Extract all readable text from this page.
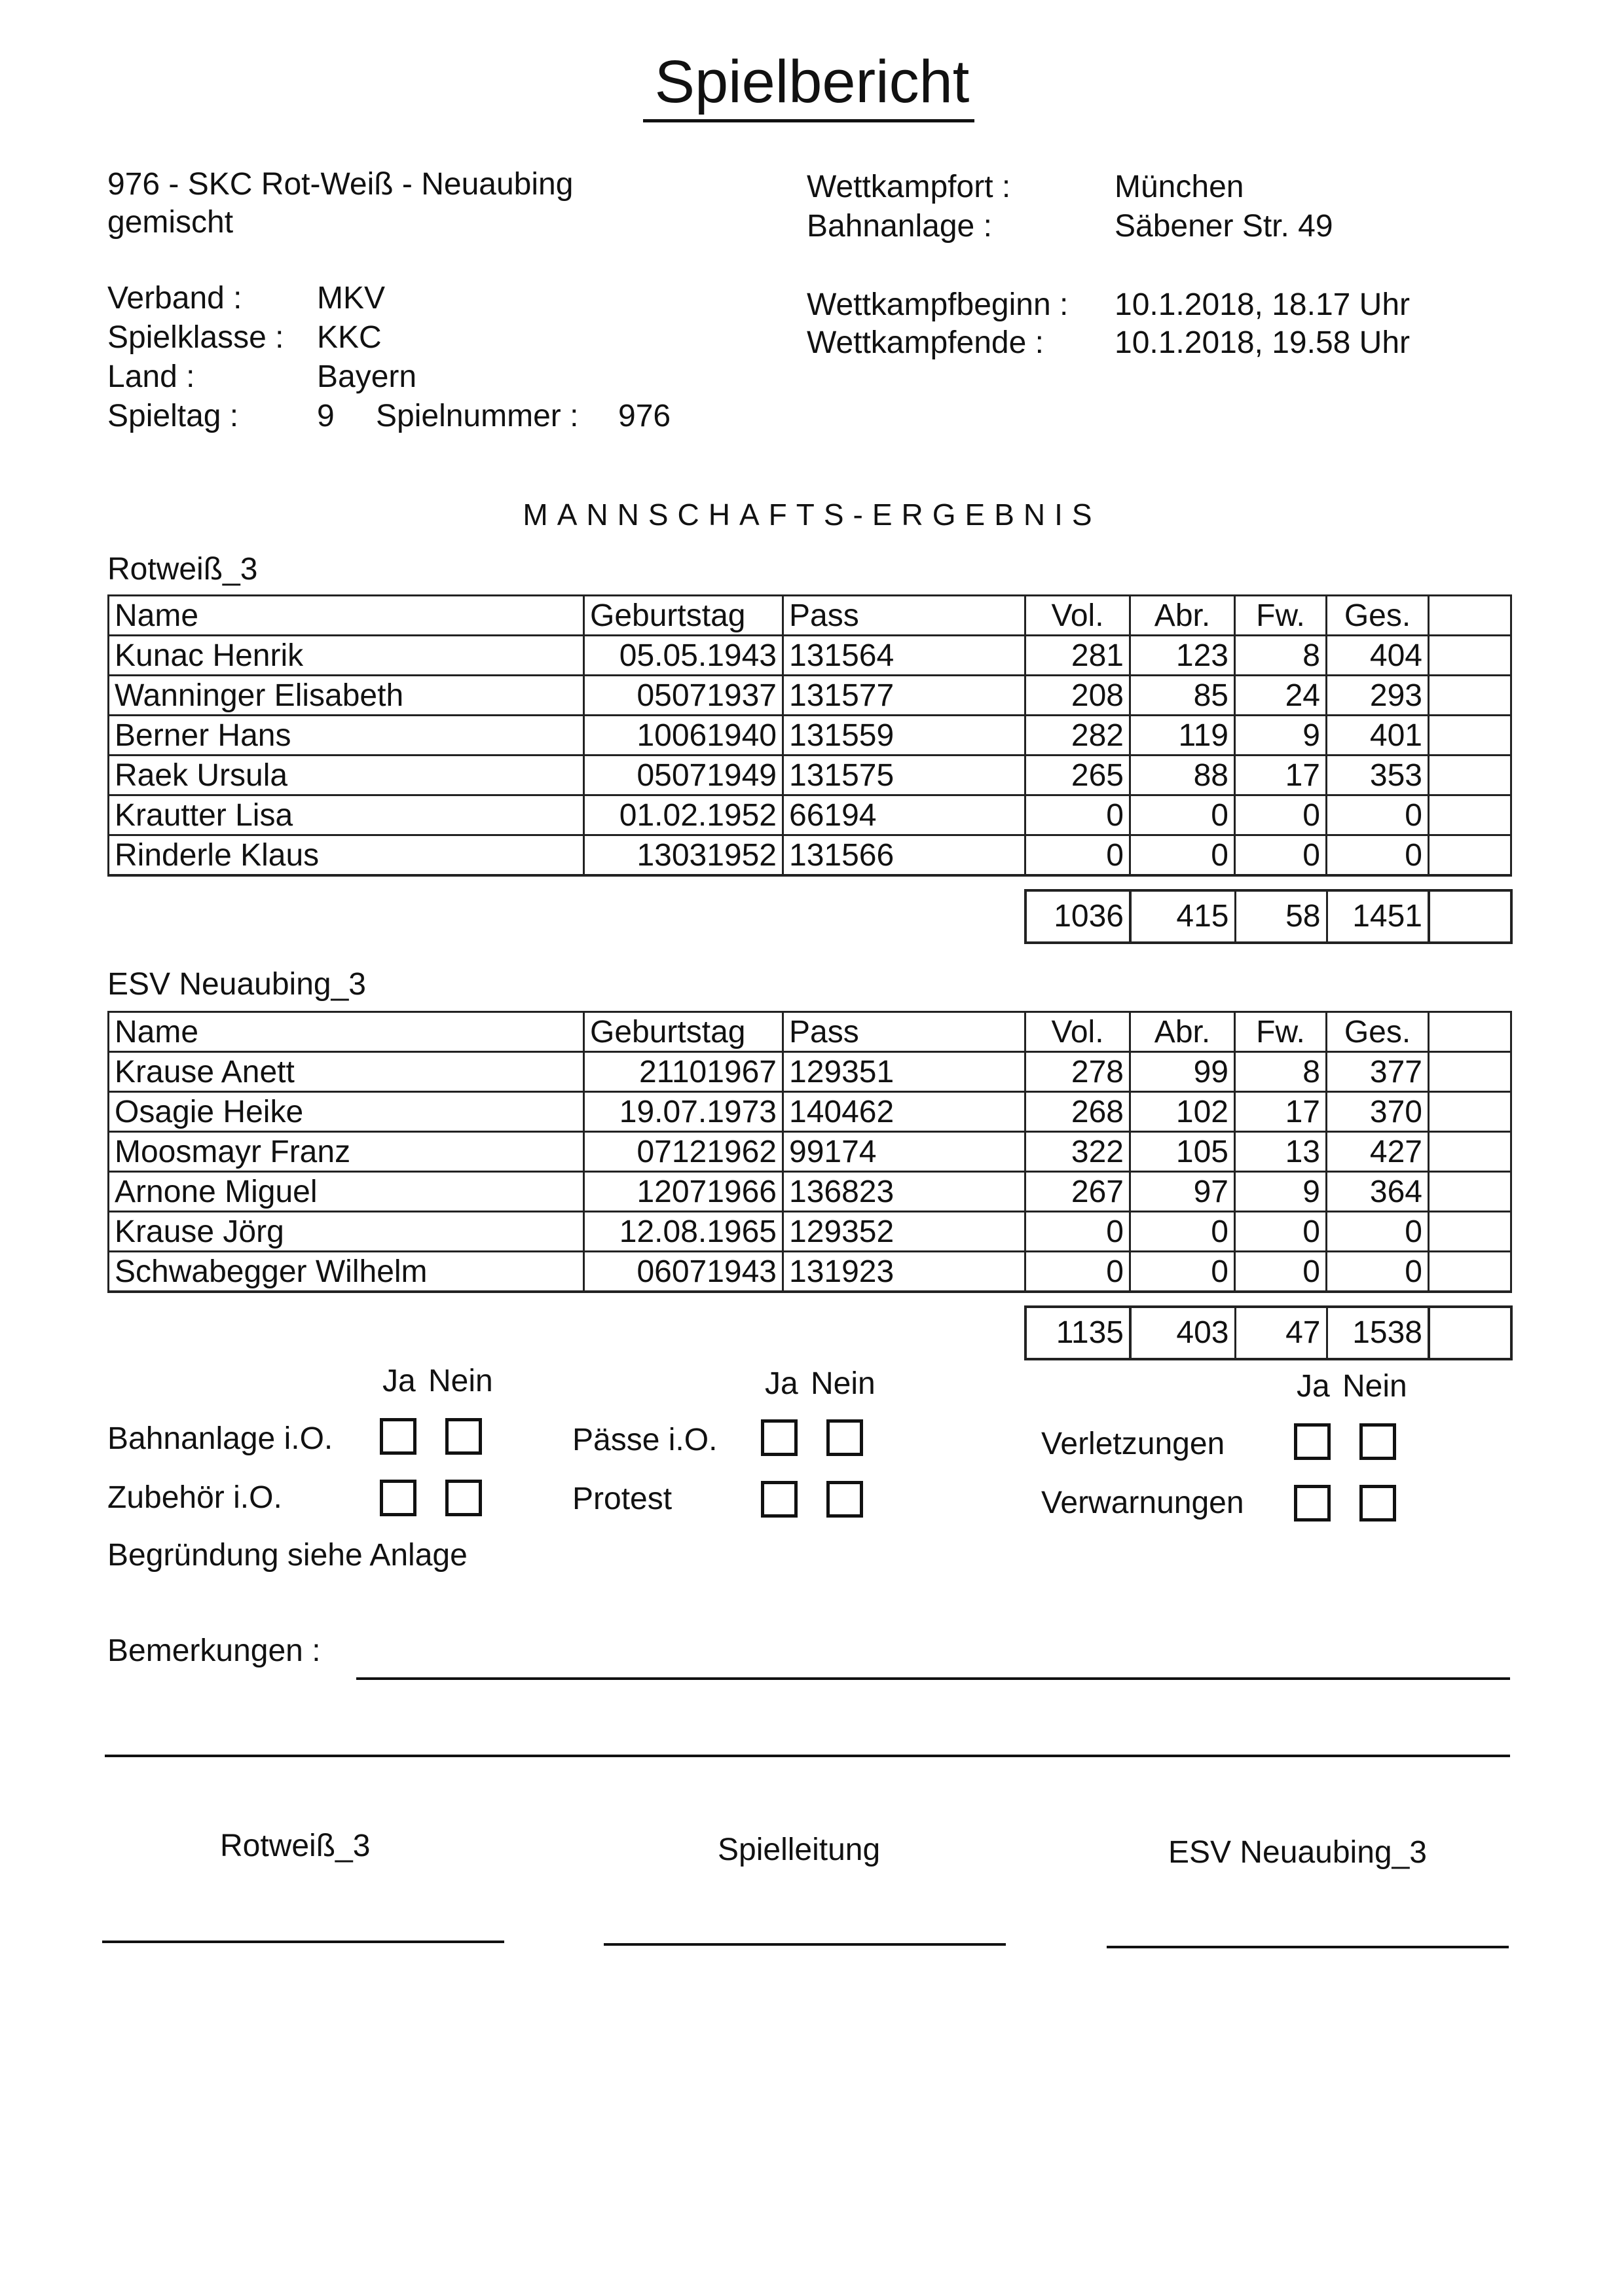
Spielbericht
976 - SKC Rot-Weiß - Neuaubing
gemischt
Verband : MKV
Spielklasse : KKC
Land :	Bayern
Spieltag : 9 Spielnummer : 976
Wettkampfort :	München
Bahnanlage :	Säbener Str. 49
Wettkampfbeginn : 10.1.2018, 18.17 Uhr
Wettkampfende : 10.1.2018, 19.58 Uhr
MANNSCHAFTS-ERGEBNIS
Rotweiß_3
Name	Geburtstag	Pass	Vol.	Abr.	Fw.	Ges.	
Kunac Henrik	05.05.1943	131564	281	123	8	404	
Wanninger Elisabeth	05071937	131577	208	85	24	293	
Berner Hans	10061940	131559	282	119	9	401	
Raek Ursula	05071949	131575	265	88	17	353	
Krautter Lisa	01.02.1952	66194	0	0	0	0	
Rinderle Klaus	13031952	131566	0	0	0	0	
1036	415	58	1451	
ESV Neuaubing_3
Name	Geburtstag	Pass	Vol.	Abr.	Fw.	Ges.	
Krause Anett	21101967	129351	278	99	8	377	
Osagie Heike	19.07.1973	140462	268	102	17	370	
Moosmayr Franz	07121962	99174	322	105	13	427	
Arnone Miguel	12071966	136823	267	97	9	364	
Krause Jörg	12.08.1965	129352	0	0	0	0	
Schwabegger Wilhelm	06071943	131923	0	0	0	0	
1135	403	47	1538	
Ja Nein	Ja Nein	Ja Nein
Bahnanlage i.O.	Pässe i.O.	Verletzungen
Zubehör i.O.	Protest	Verwarnungen
Begründung siehe Anlage
Bemerkungen :
Rotweiß_3	Spielleitung	ESV Neuaubing_3
